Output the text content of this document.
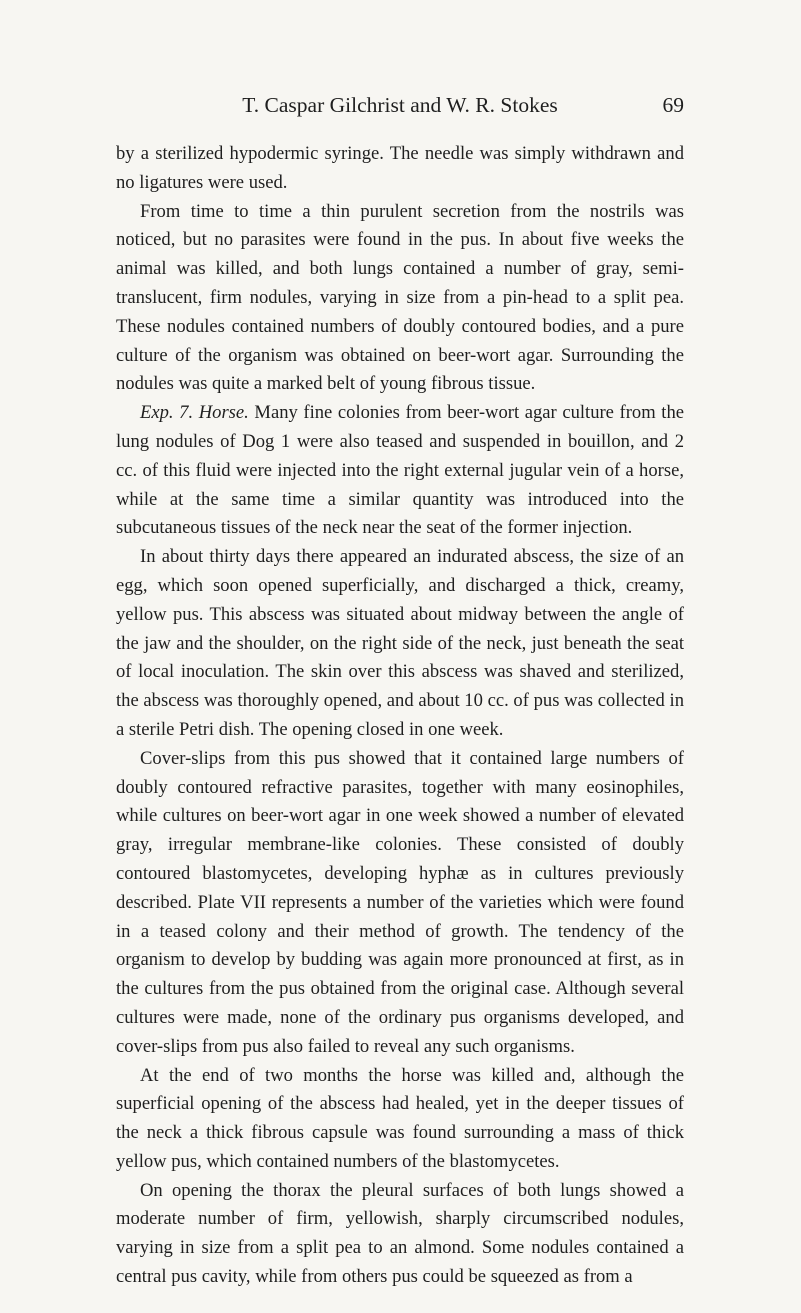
T. Caspar Gilchrist and W. R. Stokes	69

by a sterilized hypodermic syringe. The needle was simply withdrawn and no ligatures were used.

From time to time a thin purulent secretion from the nostrils was noticed, but no parasites were found in the pus. In about five weeks the animal was killed, and both lungs contained a number of gray, semi-translucent, firm nodules, varying in size from a pin-head to a split pea. These nodules contained numbers of doubly contoured bodies, and a pure culture of the organism was obtained on beer-wort agar. Surrounding the nodules was quite a marked belt of young fibrous tissue.

Exp. 7. Horse. Many fine colonies from beer-wort agar culture from the lung nodules of Dog 1 were also teased and suspended in bouillon, and 2 cc. of this fluid were injected into the right external jugular vein of a horse, while at the same time a similar quantity was introduced into the subcutaneous tissues of the neck near the seat of the former injection.

In about thirty days there appeared an indurated abscess, the size of an egg, which soon opened superficially, and discharged a thick, creamy, yellow pus. This abscess was situated about midway between the angle of the jaw and the shoulder, on the right side of the neck, just beneath the seat of local inoculation. The skin over this abscess was shaved and sterilized, the abscess was thoroughly opened, and about 10 cc. of pus was collected in a sterile Petri dish. The opening closed in one week.

Cover-slips from this pus showed that it contained large numbers of doubly contoured refractive parasites, together with many eosinophiles, while cultures on beer-wort agar in one week showed a number of elevated gray, irregular membrane-like colonies. These consisted of doubly contoured blastomycetes, developing hyphæ as in cultures previously described. Plate VII represents a number of the varieties which were found in a teased colony and their method of growth. The tendency of the organism to develop by budding was again more pronounced at first, as in the cultures from the pus obtained from the original case. Although several cultures were made, none of the ordinary pus organisms developed, and cover-slips from pus also failed to reveal any such organisms.

At the end of two months the horse was killed and, although the superficial opening of the abscess had healed, yet in the deeper tissues of the neck a thick fibrous capsule was found surrounding a mass of thick yellow pus, which contained numbers of the blastomycetes.

On opening the thorax the pleural surfaces of both lungs showed a moderate number of firm, yellowish, sharply circumscribed nodules, varying in size from a split pea to an almond. Some nodules contained a central pus cavity, while from others pus could be squeezed as from a
